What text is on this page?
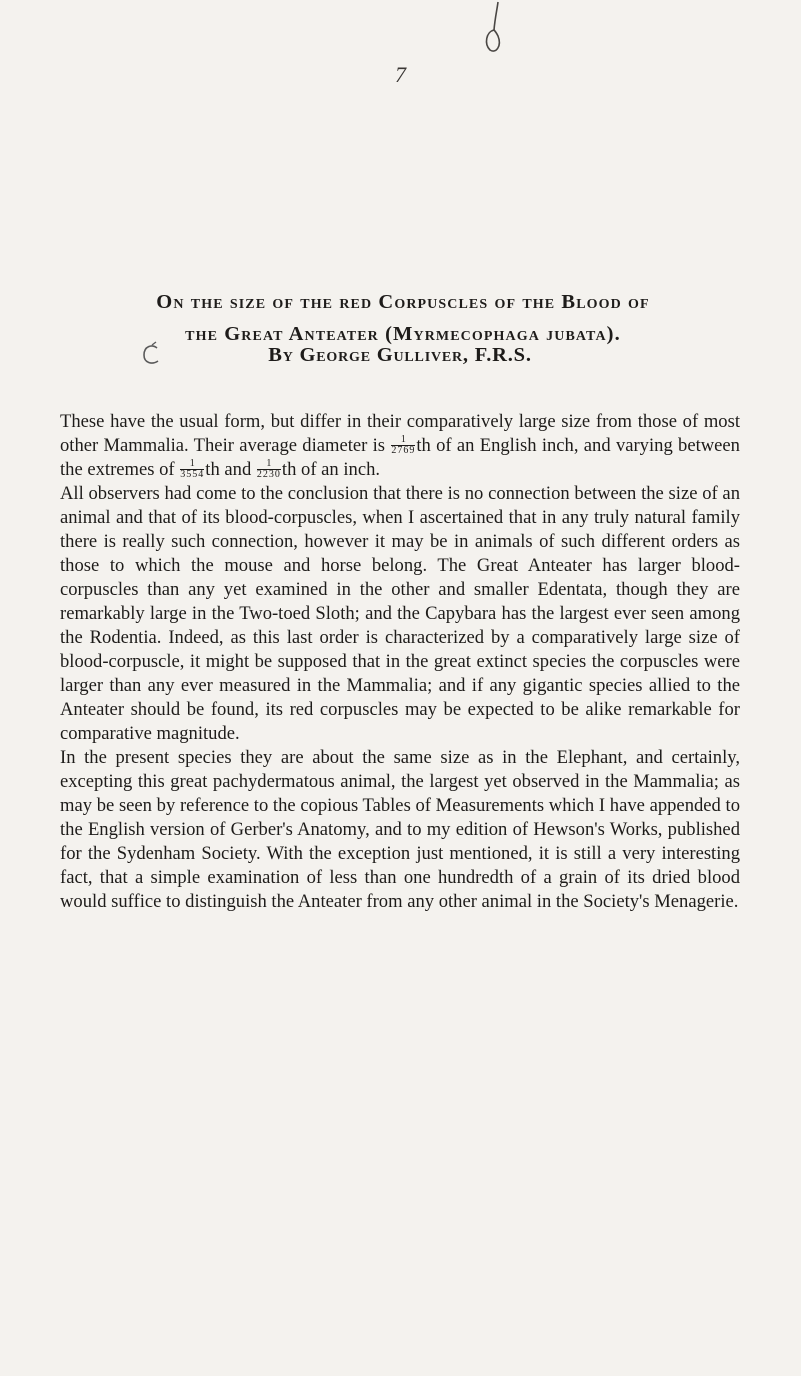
7
On the size of the red Corpuscles of the Blood of
the Great Anteater (Myrmecophaga jubata).
By George Gulliver, F.R.S.

These have the usual form, but differ in their comparatively large size from those of most other Mammalia. Their average diameter is $\frac{1}{2769}$ th of an English inch, and varying between the extremes of $\frac{1}{3554}$ th and $\frac{1}{2230}$ th of an inch.

All observers had come to the conclusion that there is no connection between the size of an animal and that of its blood-corpuscles, when I ascertained that in any truly natural family there is really such connection, however it may be in animals of such different orders as those to which the mouse and horse belong. The Great Anteater has larger blood-corpuscles than any yet examined in the other and smaller Edentata, though they are remarkably large in the Two-toed Sloth; and the Capybara has the largest ever seen among the Rodentia. Indeed, as this last order is characterized by a comparatively large size of blood-corpuscle, it might be supposed that in the great extinct species the corpuscles were larger than any ever measured in the Mammalia; and if any gigantic species allied to the Anteater should be found, its red corpuscles may be expected to be alike remarkable for comparative magnitude.

In the present species they are about the same size as in the Elephant, and certainly, excepting this great pachydermatous animal, the largest yet observed in the Mammalia; as may be seen by reference to the copious Tables of Measurements which I have appended to the English version of Gerber's Anatomy, and to my edition of Hewson's Works, published for the Sydenham Society. With the exception just mentioned, it is still a very interesting fact, that a simple examination of less than one hundredth of a grain of its dried blood would suffice to distinguish the Anteater from any other animal in the Society's Menagerie.
